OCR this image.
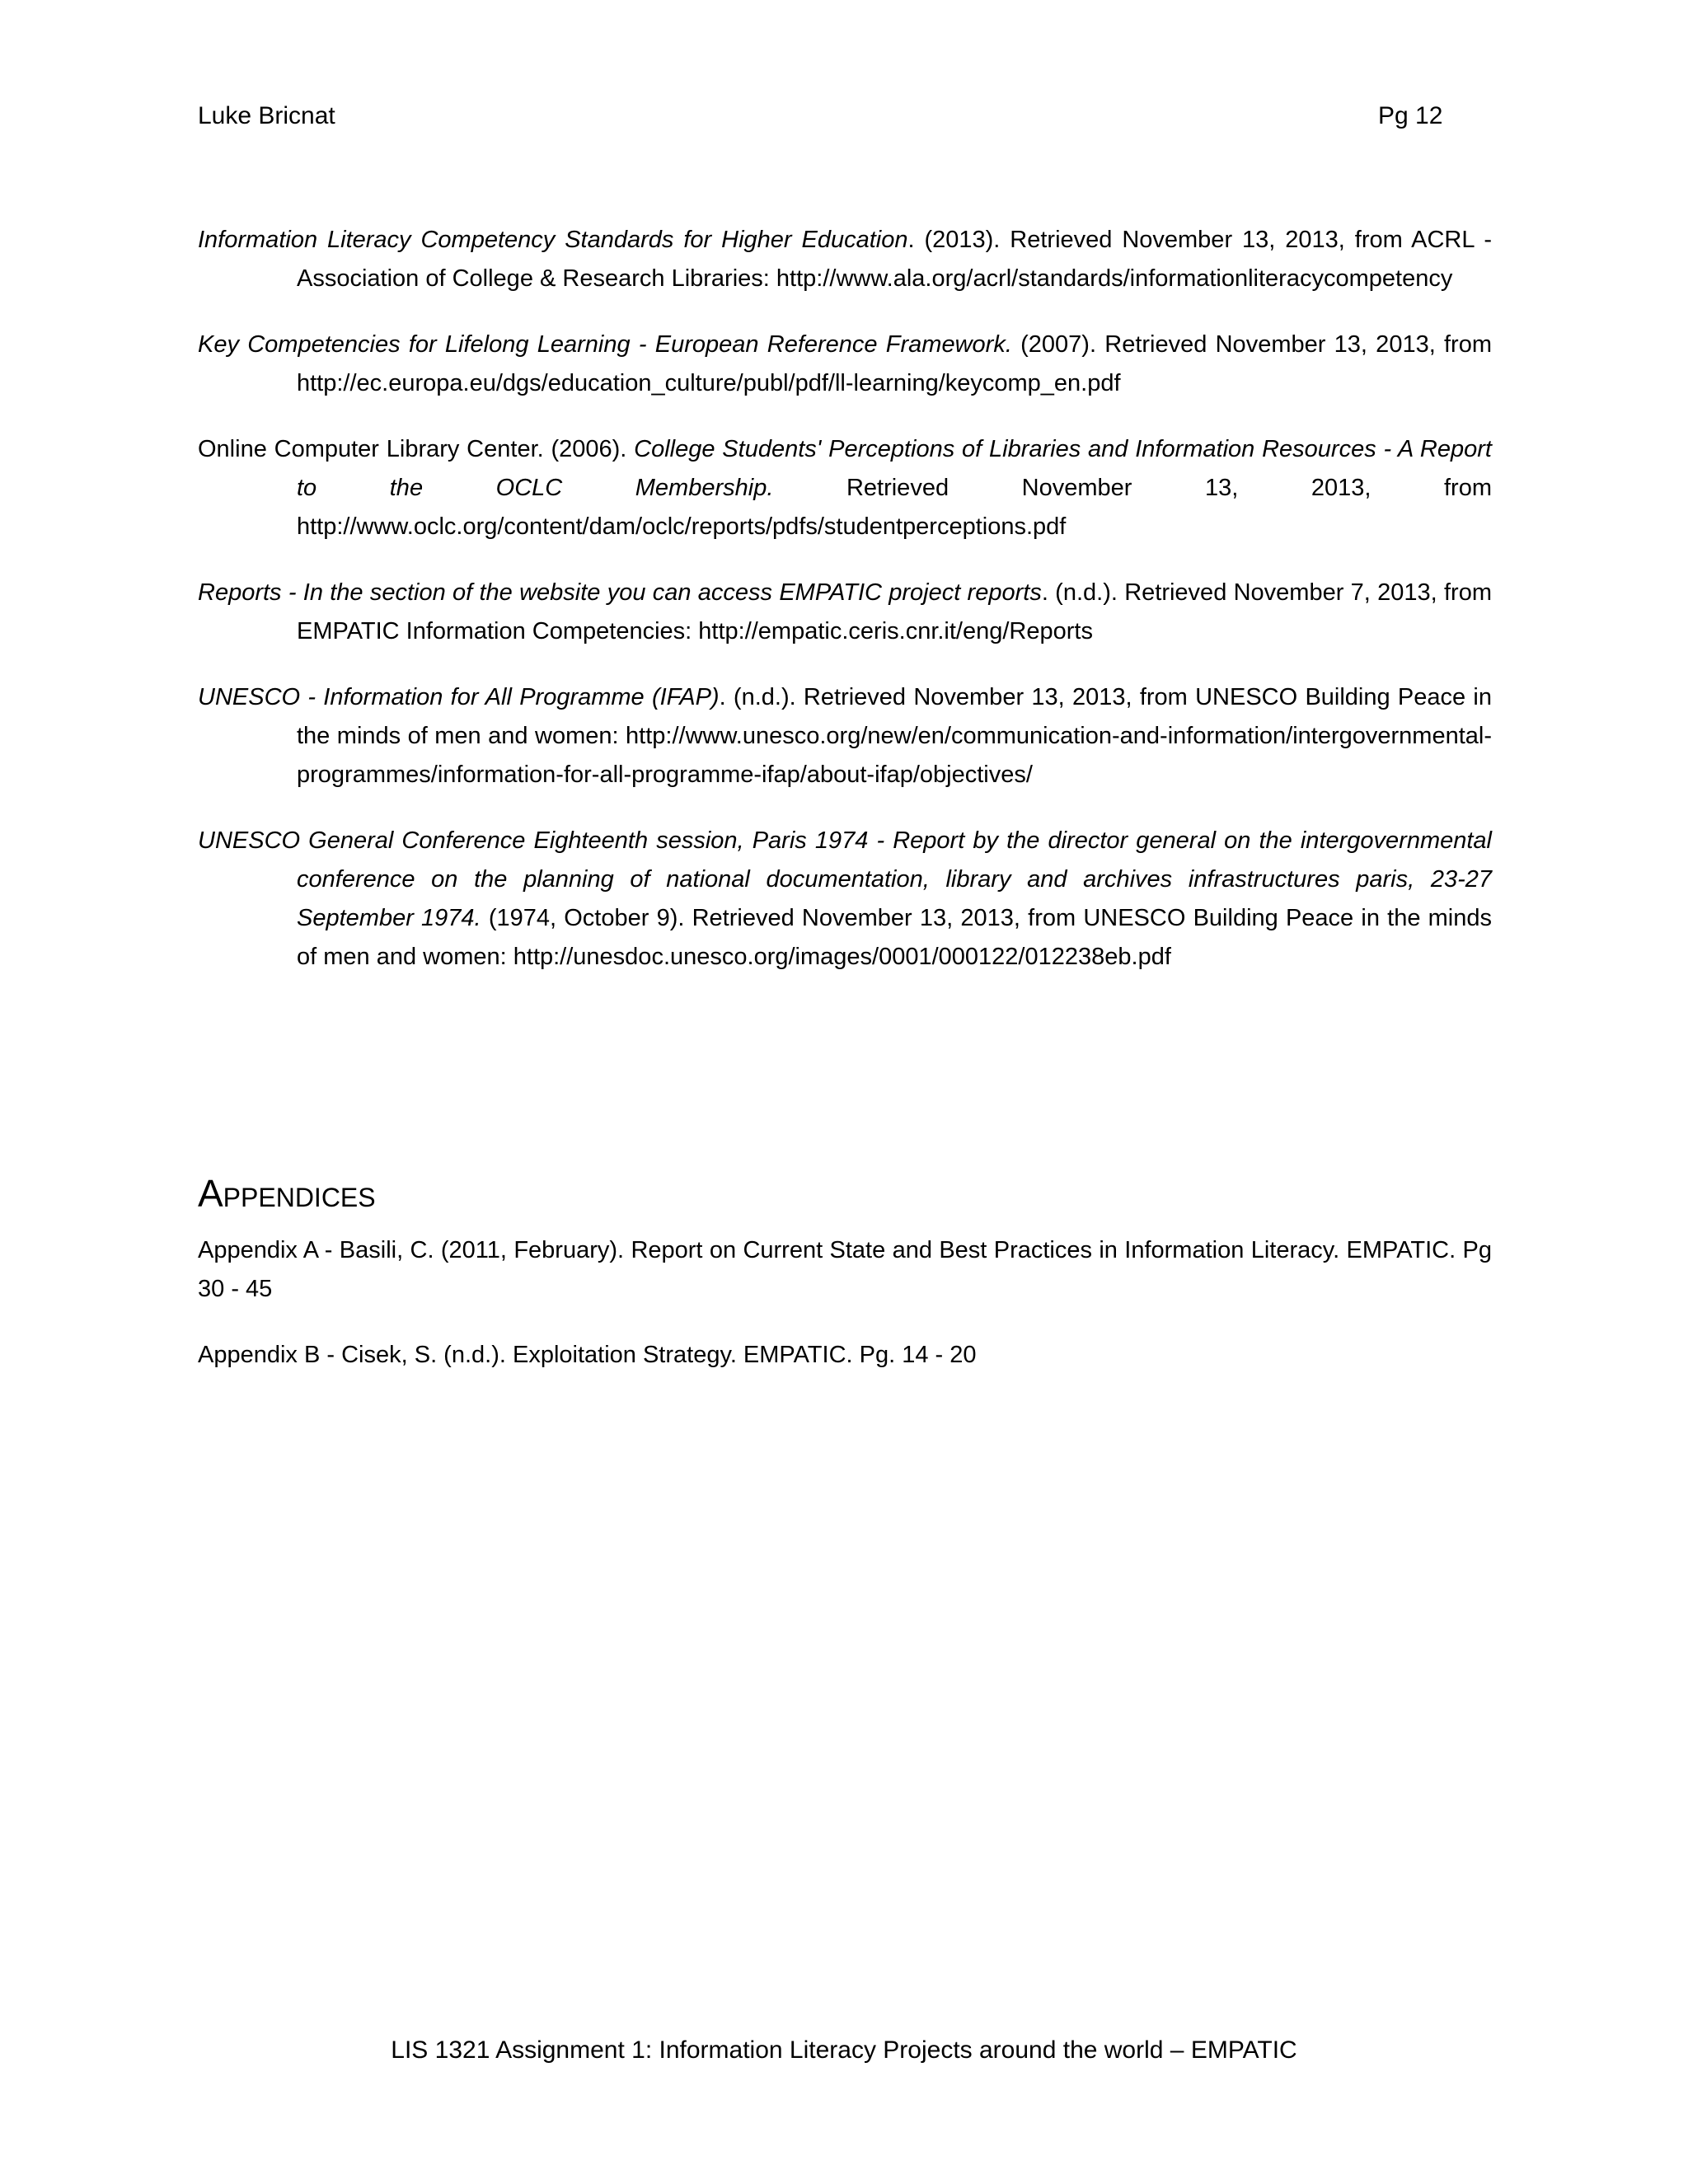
Luke Bricnat	Pg 12

Information Literacy Competency Standards for Higher Education. (2013). Retrieved November 13, 2013, from ACRL - Association of College & Research Libraries: http://www.ala.org/acrl/standards/informationliteracycompetency

Key Competencies for Lifelong Learning - European Reference Framework. (2007). Retrieved November 13, 2013, from http://ec.europa.eu/dgs/education_culture/publ/pdf/ll-learning/keycomp_en.pdf

Online Computer Library Center. (2006). College Students' Perceptions of Libraries and Information Resources - A Report to the OCLC Membership. Retrieved November 13, 2013, from http://www.oclc.org/content/dam/oclc/reports/pdfs/studentperceptions.pdf

Reports - In the section of the website you can access EMPATIC project reports. (n.d.). Retrieved November 7, 2013, from EMPATIC Information Competencies: http://empatic.ceris.cnr.it/eng/Reports

UNESCO - Information for All Programme (IFAP). (n.d.). Retrieved November 13, 2013, from UNESCO Building Peace in the minds of men and women: http://www.unesco.org/new/en/communication-and-information/intergovernmental-programmes/information-for-all-programme-ifap/about-ifap/objectives/

UNESCO General Conference Eighteenth session, Paris 1974 - Report by the director general on the intergovernmental conference on the planning of national documentation, library and archives infrastructures paris, 23-27 September 1974. (1974, October 9). Retrieved November 13, 2013, from UNESCO Building Peace in the minds of men and women: http://unesdoc.unesco.org/images/0001/000122/012238eb.pdf

Appendices

Appendix A - Basili, C. (2011, February). Report on Current State and Best Practices in Information Literacy. EMPATIC. Pg 30 - 45

Appendix B - Cisek, S. (n.d.). Exploitation Strategy. EMPATIC. Pg. 14 - 20

LIS 1321 Assignment 1: Information Literacy Projects around the world – EMPATIC
